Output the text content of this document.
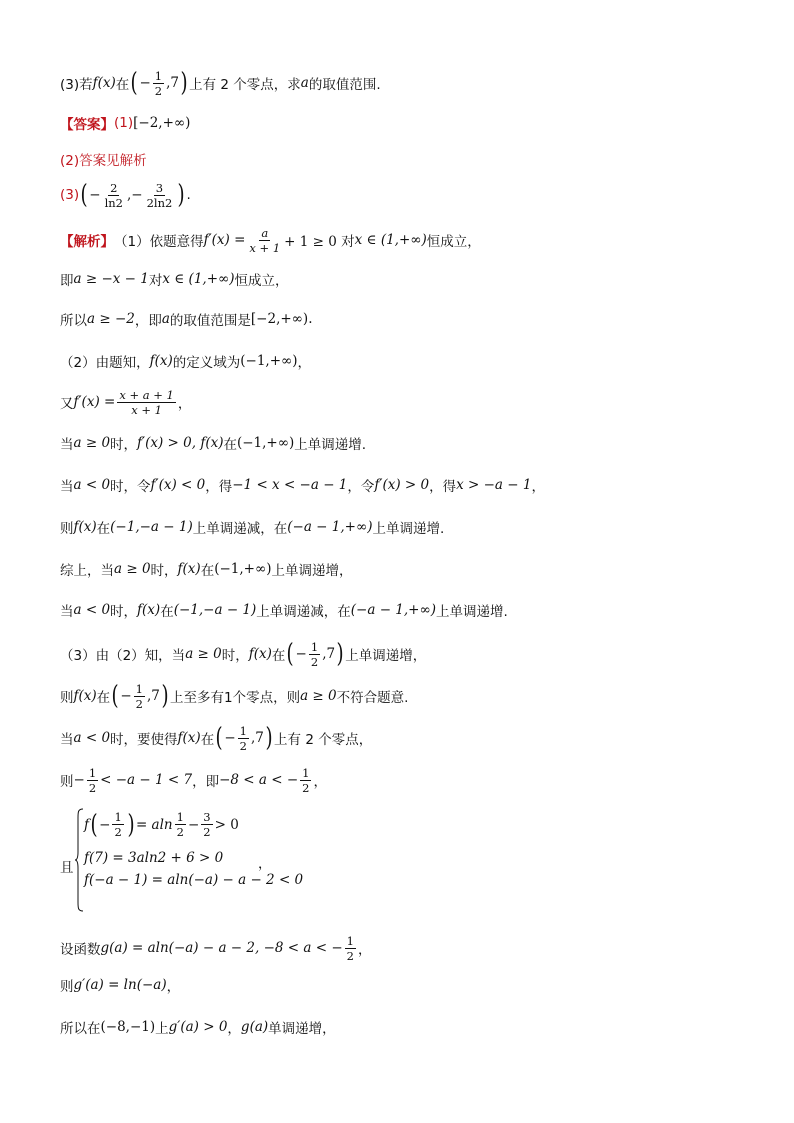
(3)若 f(x) 在 ( − $\frac{1}{2} ,7$ ) 上有 2 个零点，求 a 的取值范围.
【答案】 (1) [−2,+∞)
(2)答案见解析
(3) ( − $\frac{2}{\ln 2}$ ,− $\frac{3}{2\ln 2}$ ) .
【解析】 （1）依题意得 $f'(x) = \frac{a}{x + 1} + 1 \ge 0$ 对 x ∈ (1,+∞) 恒成立，
即 a ≥ −x − 1 对 x ∈ (1,+∞) 恒成立，
所以 a ≥ −2 ，即 a 的取值范围是 [−2,+∞).
（2）由题知， f(x) 的定义域为 (−1,+∞) ，
又 $f'(x) = \frac{x + a + 1}{x + 1}$ ，
当 a ≥ 0 时， f′(x) > 0, f(x) 在 (−1,+∞) 上单调递增.
当 a < 0 时，令 f′(x) < 0 ，得 −1 < x < −a − 1 ，令 f′(x) > 0 ，得 x > −a − 1 ，
则 f(x) 在 (−1,−a − 1) 上单调递减，在 (−a − 1,+∞) 上单调递增.
综上，当 a ≥ 0 时， f(x) 在 (−1,+∞) 上单调递增，
当 a < 0 时， f(x) 在 (−1,−a − 1) 上单调递减，在 (−a − 1,+∞) 上单调递增.
（3）由（2）知，当 a ≥ 0 时， f(x) 在 ( − $\frac{1}{2} ,7$ ) 上单调递增，
则 f(x) 在 ( − $\frac{1}{2} ,7$ ) 上至多有1个零点，则 a ≥ 0 不符合题意.
当 a < 0 时，要使得 f(x) 在 ( − $\frac{1}{2} ,7$ ) 上有 2 个零点，
则 − $\frac{1}{2} < -a - 1 < 7$ ，即 −8 < a < − $\frac{1}{2}$ ，
且
f ( − $\frac{1}{2}$ ) = aln $\frac{1}{2} - \frac{3}{2} > 0$
f(7) = 3aln2 + 6 > 0
f(−a − 1) = aln(−a) − a − 2 < 0
，
设函数 g(a) = aln(−a) − a − 2, −8 < a < − $\frac{1}{2}$ ，
则 g′(a) = ln(−a) ，
所以在 (−8,−1) 上 g′(a) > 0 ， g(a) 单调递增，
